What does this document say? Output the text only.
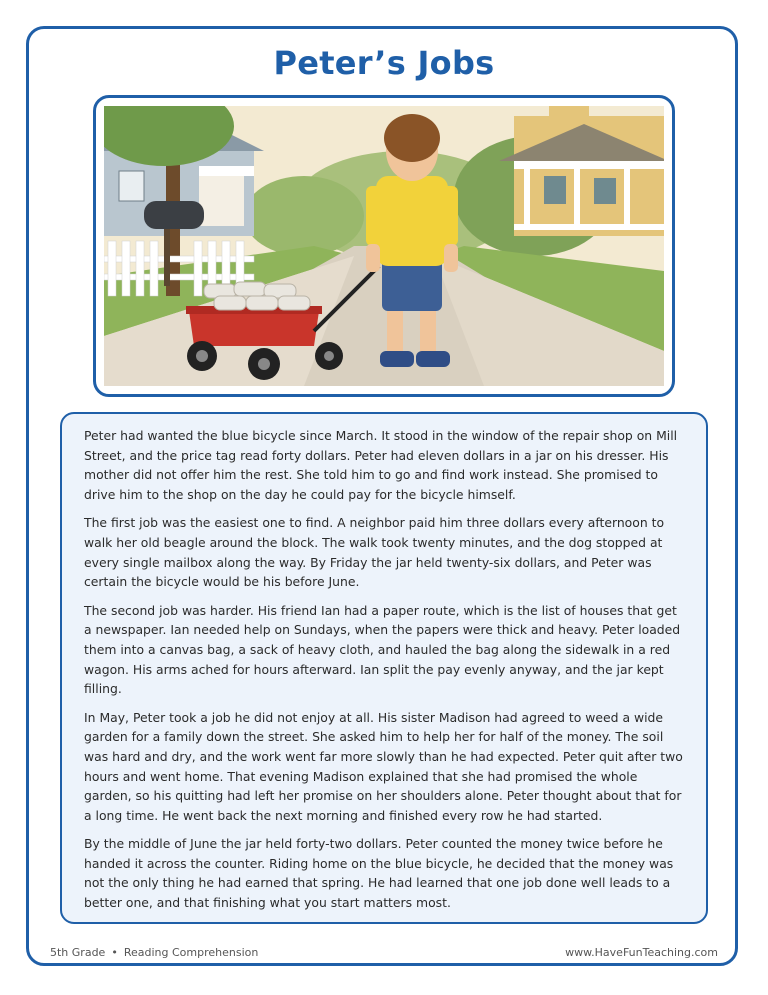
Peter’s Jobs

Peter had wanted the blue bicycle since March. It stood in the window of the repair shop on Mill Street, and the price tag read forty dollars. Peter had eleven dollars in a jar on his dresser. His mother did not offer him the rest. She told him to go and find work instead. She promised to drive him to the shop on the day he could pay for the bicycle himself.

The first job was the easiest one to find. A neighbor paid him three dollars every afternoon to walk her old beagle around the block. The walk took twenty minutes, and the dog stopped at every single mailbox along the way. By Friday the jar held twenty-six dollars, and Peter was certain the bicycle would be his before June.

The second job was harder. His friend Ian had a paper route, which is the list of houses that get a newspaper. Ian needed help on Sundays, when the papers were thick and heavy. Peter loaded them into a canvas bag, a sack of heavy cloth, and hauled the bag along the sidewalk in a red wagon. His arms ached for hours afterward. Ian split the pay evenly anyway, and the jar kept filling.

In May, Peter took a job he did not enjoy at all. His sister Madison had agreed to weed a wide garden for a family down the street. She asked him to help her for half of the money. The soil was hard and dry, and the work went far more slowly than he had expected. Peter quit after two hours and went home. That evening Madison explained that she had promised the whole garden, so his quitting had left her promise on her shoulders alone. Peter thought about that for a long time. He went back the next morning and finished every row he had started.

By the middle of June the jar held forty-two dollars. Peter counted the money twice before he handed it across the counter. Riding home on the blue bicycle, he decided that the money was not the only thing he had earned that spring. He had learned that one job done well leads to a better one, and that finishing what you start matters most.

5th Grade • Reading Comprehension	www.HaveFunTeaching.com
